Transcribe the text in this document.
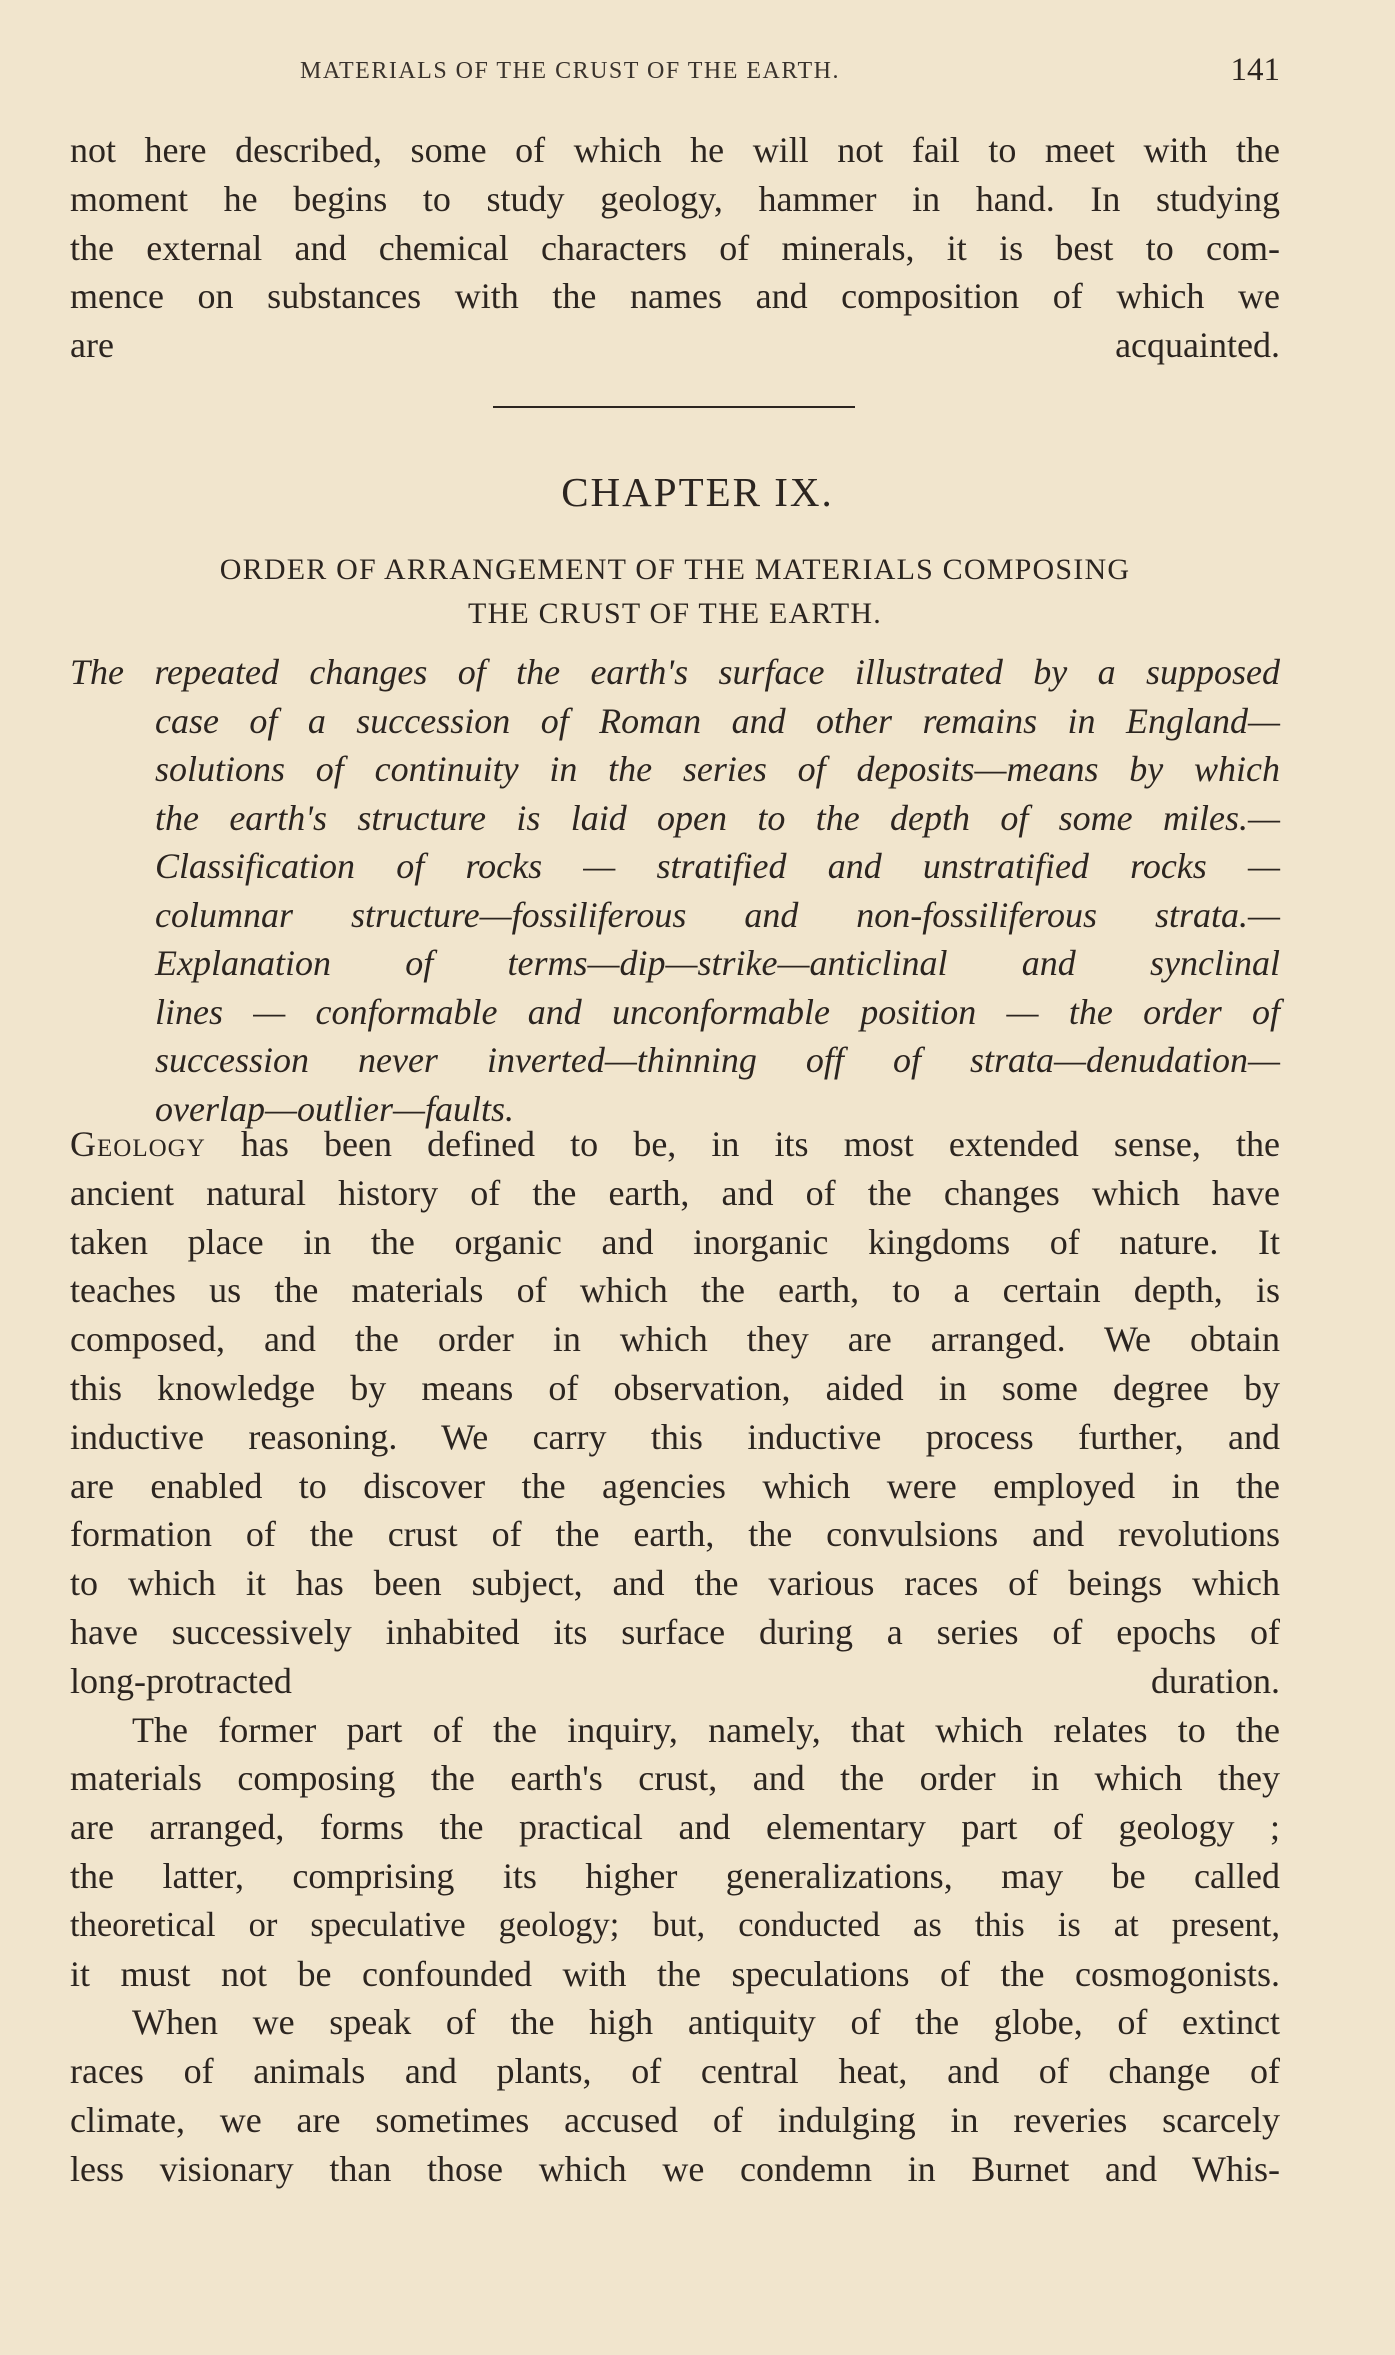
MATERIALS OF THE CRUST OF THE EARTH.	141
not here described, some of which he will not fail to meet with the
moment he begins to study geology, hammer in hand. In studying
the external and chemical characters of minerals, it is best to com-
mence on substances with the names and composition of which we
are acquainted.
CHAPTER IX.
ORDER OF ARRANGEMENT OF THE MATERIALS COMPOSING
THE CRUST OF THE EARTH.
The repeated changes of the earth's surface illustrated by a supposed
case of a succession of Roman and other remains in England—
solutions of continuity in the series of deposits—means by which
the earth's structure is laid open to the depth of some miles.—
Classification of rocks — stratified and unstratified rocks —
columnar structure—fossiliferous and non-fossiliferous strata.—
Explanation of terms—dip—strike—anticlinal and synclinal
lines — conformable and unconformable position — the order of
succession never inverted—thinning off of strata—denudation—
overlap—outlier—faults.
Geology has been defined to be, in its most extended sense, the
ancient natural history of the earth, and of the changes which have
taken place in the organic and inorganic kingdoms of nature. It
teaches us the materials of which the earth, to a certain depth, is
composed, and the order in which they are arranged. We obtain
this knowledge by means of observation, aided in some degree by
inductive reasoning. We carry this inductive process further, and
are enabled to discover the agencies which were employed in the
formation of the crust of the earth, the convulsions and revolutions
to which it has been subject, and the various races of beings which
have successively inhabited its surface during a series of epochs of
long-protracted duration.
The former part of the inquiry, namely, that which relates to the
materials composing the earth's crust, and the order in which they
are arranged, forms the practical and elementary part of geology ;
the latter, comprising its higher generalizations, may be called
theoretical or speculative geology; but, conducted as this is at present,
it must not be confounded with the speculations of the cosmogonists.
When we speak of the high antiquity of the globe, of extinct
races of animals and plants, of central heat, and of change of
climate, we are sometimes accused of indulging in reveries scarcely
less visionary than those which we condemn in Burnet and Whis-
